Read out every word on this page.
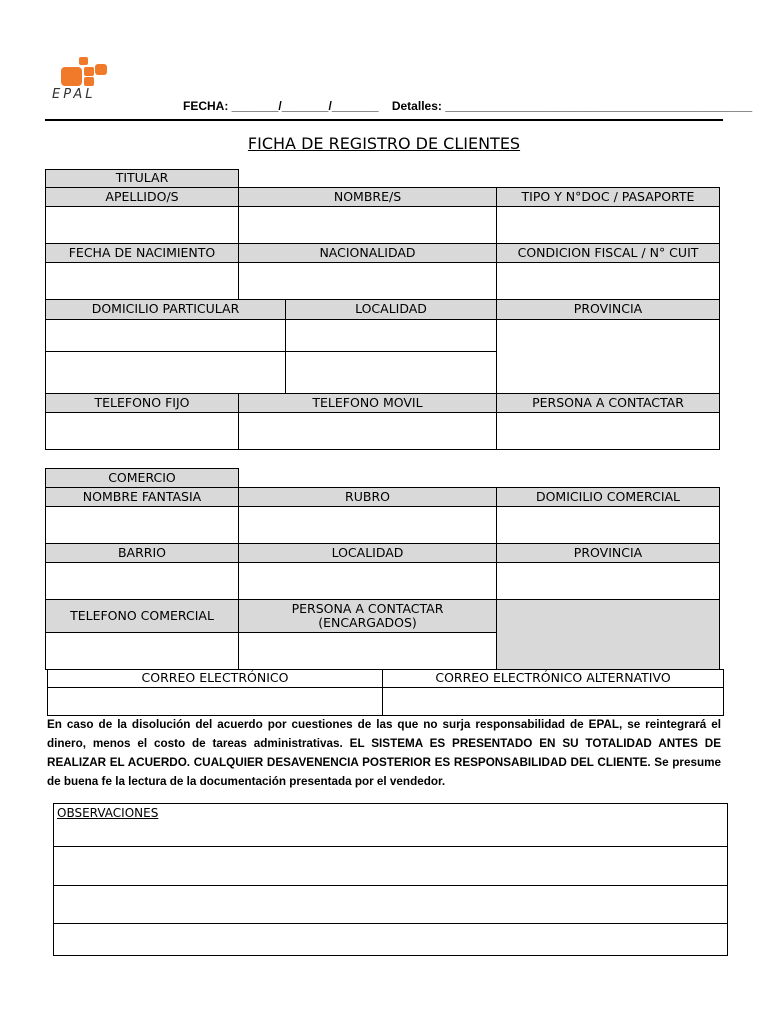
EPAL
FECHA: _______/_______/_______ Detalles: ______________________________________________
FICHA DE REGISTRO DE CLIENTES
TITULAR
APELLIDO/S	NOMBRE/S	TIPO Y N°DOC / PASAPORTE
FECHA DE NACIMIENTO	NACIONALIDAD	CONDICION FISCAL / N° CUIT
DOMICILIO PARTICULAR	LOCALIDAD	PROVINCIA
TELEFONO FIJO	TELEFONO MOVIL	PERSONA A CONTACTAR
COMERCIO
NOMBRE FANTASIA	RUBRO	DOMICILIO COMERCIAL
BARRIO	LOCALIDAD	PROVINCIA
TELEFONO COMERCIAL	PERSONA A CONTACTAR
(ENCARGADOS)
CORREO ELECTRÓNICO	CORREO ELECTRÓNICO ALTERNATIVO
En caso de la disolución del acuerdo por cuestiones de las que no surja responsabilidad de EPAL, se reintegrará el dinero, menos el costo de tareas administrativas. EL SISTEMA ES PRESENTADO EN SU TOTALIDAD ANTES DE REALIZAR EL ACUERDO. CUALQUIER DESAVENENCIA POSTERIOR ES RESPONSABILIDAD DEL CLIENTE. Se presume de buena fe la lectura de la documentación presentada por el vendedor.
OBSERVACIONES
